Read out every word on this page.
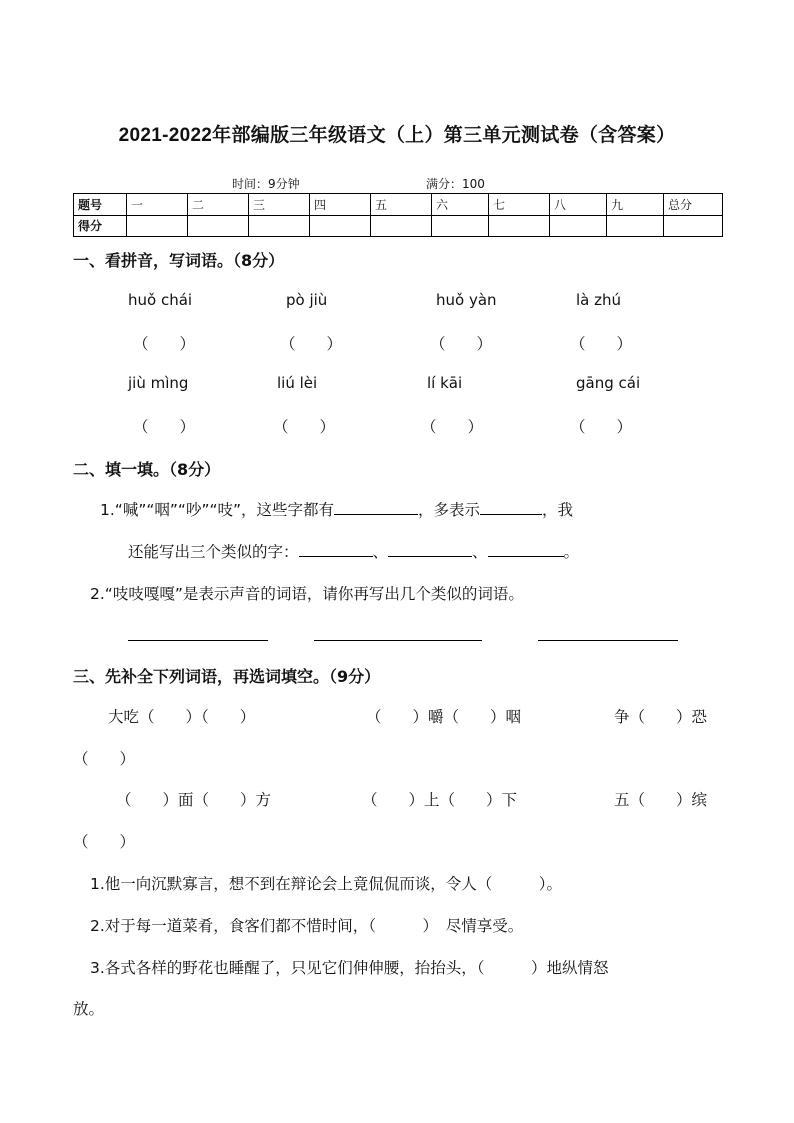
2021-2022年部编版三年级语文（上）第三单元测试卷（含答案）
时间：9分钟	满分：100
题号	一	二	三	四	五	六	七	八	九	总分
得分										
一、看拼音，写词语。（8分）
huǒ chái	pò jiù	huǒ yàn	là zhú
（　　）	（　　）	（　　）	（　　）
jiù mìng	liú lèi	lí kāi	gāng cái
（　　）	（　　）	（　　）	（　　）
二、填一填。（8分）
1.“喊”“咽”“吵”“吱”，这些字都有	，多表示	，我
还能写出三个类似的字：	、	、	。
2.“吱吱嘎嘎”是表示声音的词语，请你再写出几个类似的词语。
三、先补全下列词语，再选词填空。（9分）
大吃（　　）（　　）	（　　）嚼（　　）咽	争（　　）恐
（　　）
（　　）面（　　）方	（　　）上（　　）下	五（　　）缤
（　　）
1.他一向沉默寡言，想不到在辩论会上竟侃侃而谈，令人（　　　）。
2.对于每一道菜肴，食客们都不惜时间，（　　　）　尽情享受。
3.各式各样的野花也睡醒了，只见它们伸伸腰，抬抬头，（　　　）地纵情怒
放。
